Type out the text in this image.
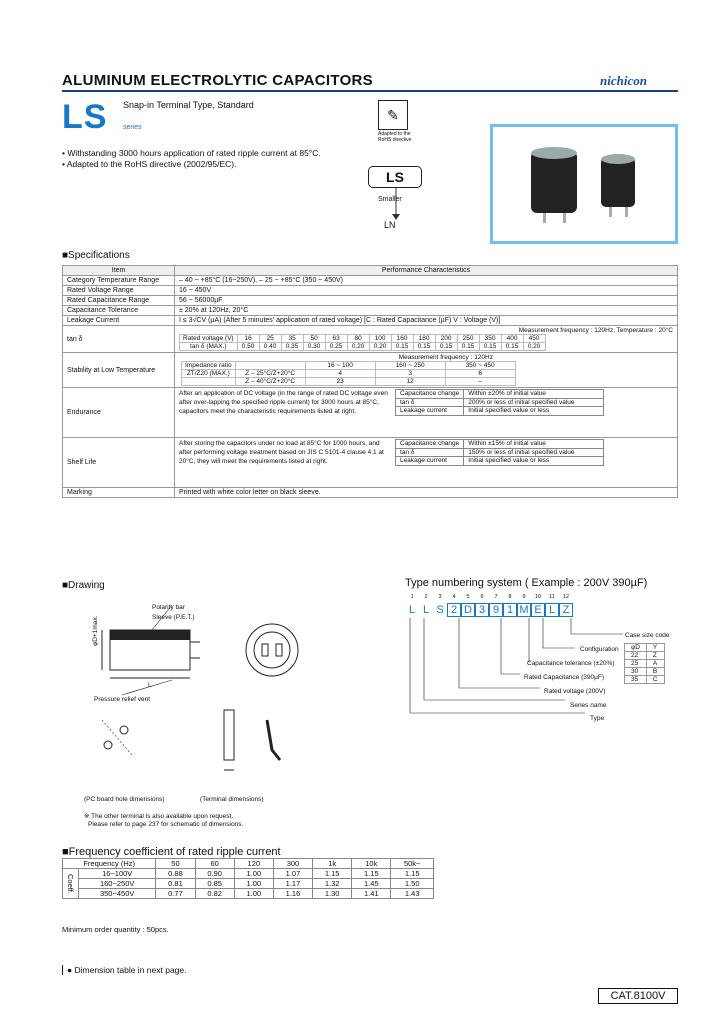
ALUMINUM ELECTROLYTIC CAPACITORS	nichicon
LS Snap-in Terminal Type, Standard
series
• Withstanding 3000 hours application of rated ripple current at 85°C.
• Adapted to the RoHS directive (2002/95/EC).
✎
Adapted to the RoHS directive
LS
Smaller
LN
■Specifications
Item	Performance Characteristics
Category Temperature Range	– 40 ~ +85°C (16~250V), – 25 ~ +85°C (350 ~ 450V)
Rated Voltage Range	16 ~ 450V
Rated Capacitance Range	56 ~ 56000µF
Capacitance Tolerance	± 20% at 120Hz, 20°C
Leakage Current	I ≤ 3√CV (µA) (After 5 minutes' application of rated voltage) [C : Rated Capacitance (µF) V : Voltage (V)]
tan δ	
Measurement frequency : 120Hz, Temperature : 20°C
Rated voltage (V)	16	25	35	50	63	80	100	160	180	200	250	350	400	450
tan δ (MAX.)	0.50	0.40	0.35	0.30	0.25	0.20	0.20	0.15	0.15	0.15	0.15	0.15	0.15	0.20

Stability at Low Temperature	
Measurement frequency : 120Hz
Impedance ratio		16 ~ 100	160 ~ 250	350 ~ 450
ZT/Z20 (MAX.)	Z – 25°C/Z+20°C	4	3	6
	Z – 40°C/Z+20°C	23	12	–

Endurance	
After an application of DC voltage (in the range of rated DC voltage even after over-lapping the specified ripple current) for 3000 hours at 85°C, capacitors meet the characteristic requirements listed at right.
Capacitance change	Within ±20% of initial value
tan δ	200% or less of initial specified value
Leakage current	Initial specified value or less

Shelf Life	
After storing the capacitors under no load at 85°C for 1000 hours, and after performing voltage treatment based on JIS C 5101-4 clause 4.1 at 20°C, they will meet the requirements listed at right.
Capacitance change	Within ±15% of initial value
tan δ	150% or less of initial specified value
Leakage current	Initial specified value or less

Marking	Printed with white color letter on black sleeve.
■Drawing
Polarity bar
Sleeve (P.E.T.)
Pressure relief vent
φD+1max.
L
(PC board hole dimensions)	(Terminal dimensions)
※ The other terminal is also available upon request.
Please refer to page 237 for schematic of dimensions.
Type numbering system ( Example : 200V 390µF)
1	2	3	4	5	6	7	8	9	10	11	12
L L S 2 D 3 9 1 M E L Z
Case size code
Configuration
Capacitance tolerance (±20%)
Rated Capacitance (390µF)
Rated voltage (200V)
Series name
Type
φD	Y
22	Z
25	A
30	B
35	C
■Frequency coefficient of rated ripple current
Frequency (Hz)		50	60	120	300	1k	10k	50k~
Coeff.	16~100V	0.88	0.90	1.00	1.07	1.15	1.15	1.15
	160~250V	0.81	0.85	1.00	1.17	1.32	1.45	1.50
	350~450V	0.77	0.82	1.00	1.16	1.30	1.41	1.43
Minimum order quantity : 50pcs.
● Dimension table in next page.
CAT.8100V
